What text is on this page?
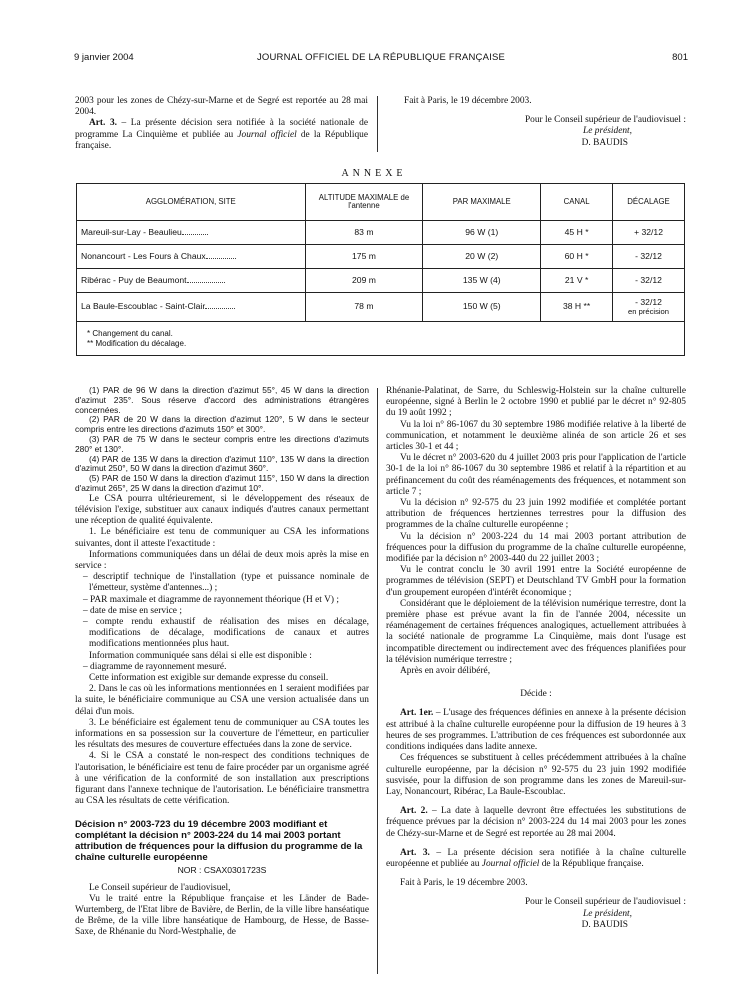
9 janvier 2004	JOURNAL OFFICIEL DE LA RÉPUBLIQUE FRANÇAISE	801

2003 pour les zones de Chézy-sur-Marne et de Segré est reportée au 28 mai 2004.

Art. 3. – La présente décision sera notifiée à la société nationale de programme La Cinquième et publiée au Journal officiel de la République française.

Fait à Paris, le 19 décembre 2003.

Pour le Conseil supérieur de l'audiovisuel :

Le président,

D. BAUDIS

ANNEXE
AGGLOMÉRATION, SITE	ALTITUDE MAXIMALE de l'antenne	PAR MAXIMALE	CANAL	DÉCALAGE
Mareuil-sur-Lay - Beaulieu	83 m	96 W (1)	45 H *	+ 32/12
Nonancourt - Les Fours à Chaux	175 m	20 W (2)	60 H *	- 32/12
Ribérac - Puy de Beaumont	209 m	135 W (4)	21 V *	- 32/12
La Baule-Escoublac - Saint-Clair	78 m	150 W (5)	38 H **	- 32/12
en précision

* Changement du canal.
** Modification du décalage.				

(1) PAR de 96 W dans la direction d'azimut 55°, 45 W dans la direction d'azimut 235°. Sous réserve d'accord des administrations étrangères concernées.

(2) PAR de 20 W dans la direction d'azimut 120°, 5 W dans le secteur compris entre les directions d'azimuts 150° et 300°.

(3) PAR de 75 W dans le secteur compris entre les directions d'azimuts 280° et 130°.

(4) PAR de 135 W dans la direction d'azimut 110°, 135 W dans la direction d'azimut 250°, 50 W dans la direction d'azimut 360°.

(5) PAR de 150 W dans la direction d'azimut 115°, 150 W dans la direction d'azimut 265°, 25 W dans la direction d'azimut 10°.

Le CSA pourra ultérieurement, si le développement des réseaux de télévision l'exige, substituer aux canaux indiqués d'autres canaux permettant une réception de qualité équivalente.

1. Le bénéficiaire est tenu de communiquer au CSA les informations suivantes, dont il atteste l'exactitude :

Informations communiquées dans un délai de deux mois après la mise en service :

– descriptif technique de l'installation (type et puissance nominale de l'émetteur, système d'antennes...) ;

– PAR maximale et diagramme de rayonnement théorique (H et V) ;

– date de mise en service ;

– compte rendu exhaustif de réalisation des mises en décalage, modifications de décalage, modifications de canaux et autres modifications mentionnées plus haut.

Information communiquée sans délai si elle est disponible :

– diagramme de rayonnement mesuré.

Cette information est exigible sur demande expresse du conseil.

2. Dans le cas où les informations mentionnées en 1 seraient modifiées par la suite, le bénéficiaire communique au CSA une version actualisée dans un délai d'un mois.

3. Le bénéficiaire est également tenu de communiquer au CSA toutes les informations en sa possession sur la couverture de l'émetteur, en particulier les résultats des mesures de couverture effectuées dans la zone de service.

4. Si le CSA a constaté le non-respect des conditions techniques de l'autorisation, le bénéficiaire est tenu de faire procéder par un organisme agréé à une vérification de la conformité de son installation aux prescriptions figurant dans l'annexe technique de l'autorisation. Le bénéficiaire transmettra au CSA les résultats de cette vérification.

Décision n° 2003-723 du 19 décembre 2003 modifiant et complétant la décision n° 2003-224 du 14 mai 2003 portant attribution de fréquences pour la diffusion du programme de la chaîne culturelle européenne

NOR : CSAX0301723S

Le Conseil supérieur de l'audiovisuel,

Vu le traité entre la République française et les Länder de Bade-Wurtemberg, de l'Etat libre de Bavière, de Berlin, de la ville libre hanséatique de Brême, de la ville libre hanséatique de Hambourg, de Hesse, de Basse-Saxe, de Rhénanie du Nord-Westphalie, de

Rhénanie-Palatinat, de Sarre, du Schleswig-Holstein sur la chaîne culturelle européenne, signé à Berlin le 2 octobre 1990 et publié par le décret n° 92-805 du 19 août 1992 ;

Vu la loi n° 86-1067 du 30 septembre 1986 modifiée relative à la liberté de communication, et notamment le deuxième alinéa de son article 26 et ses articles 30-1 et 44 ;

Vu le décret n° 2003-620 du 4 juillet 2003 pris pour l'application de l'article 30-1 de la loi n° 86-1067 du 30 septembre 1986 et relatif à la répartition et au préfinancement du coût des réaménagements des fréquences, et notamment son article 7 ;

Vu la décision n° 92-575 du 23 juin 1992 modifiée et complétée portant attribution de fréquences hertziennes terrestres pour la diffusion des programmes de la chaîne culturelle européenne ;

Vu la décision n° 2003-224 du 14 mai 2003 portant attribution de fréquences pour la diffusion du programme de la chaîne culturelle européenne, modifiée par la décision n° 2003-440 du 22 juillet 2003 ;

Vu le contrat conclu le 30 avril 1991 entre la Société européenne de programmes de télévision (SEPT) et Deutschland TV GmbH pour la formation d'un groupement européen d'intérêt économique ;

Considérant que le déploiement de la télévision numérique terrestre, dont la première phase est prévue avant la fin de l'année 2004, nécessite un réaménagement de certaines fréquences analogiques, actuellement attribuées à la société nationale de programme La Cinquième, mais dont l'usage est incompatible directement ou indirectement avec des fréquences planifiées pour la télévision numérique terrestre ;

Après en avoir délibéré,

Décide :

Art. 1er. – L'usage des fréquences définies en annexe à la présente décision est attribué à la chaîne culturelle européenne pour la diffusion de 19 heures à 3 heures de ses programmes. L'attribution de ces fréquences est subordonnée aux conditions indiquées dans ladite annexe.

Ces fréquences se substituent à celles précédemment attribuées à la chaîne culturelle européenne, par la décision n° 92-575 du 23 juin 1992 modifiée susvisée, pour la diffusion de son programme dans les zones de Mareuil-sur-Lay, Nonancourt, Ribérac, La Baule-Escoublac.

Art. 2. – La date à laquelle devront être effectuées les substitutions de fréquence prévues par la décision n° 2003-224 du 14 mai 2003 pour les zones de Chézy-sur-Marne et de Segré est reportée au 28 mai 2004.

Art. 3. – La présente décision sera notifiée à la chaîne culturelle européenne et publiée au Journal officiel de la République française.

Fait à Paris, le 19 décembre 2003.

Pour le Conseil supérieur de l'audiovisuel :

Le président,

D. BAUDIS
